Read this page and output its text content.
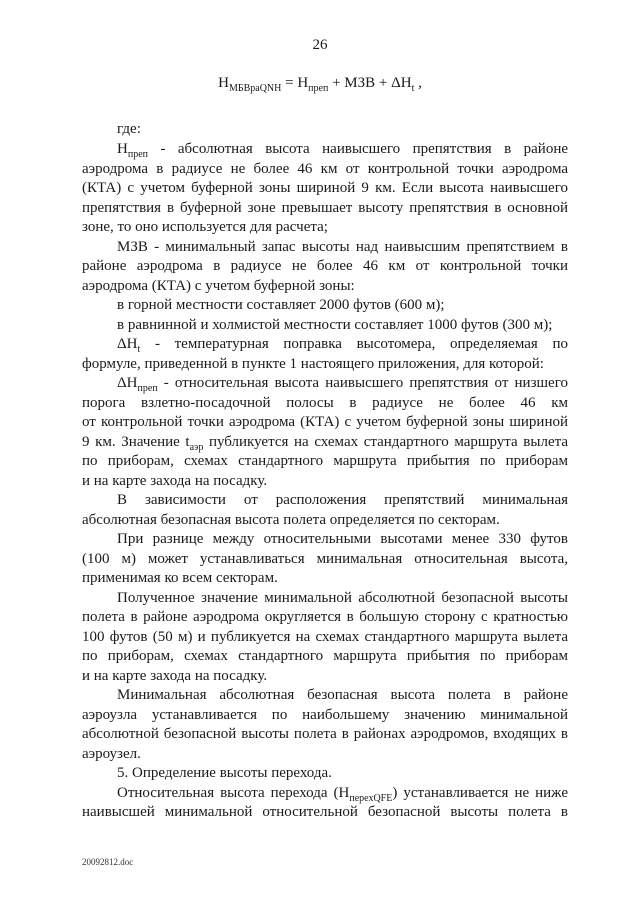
26
$H_{МБВраQNH} = H_{преп}$ + МЗВ + $\Delta H_t$ ,
где:
$H_{преп}$ - абсолютная высота наивысшего препятствия в районе
аэродрома в радиусе не более 46 км от контрольной точки аэродрома
(КТА) с учетом буферной зоны шириной 9 км. Если высота наивысшего
препятствия в буферной зоне превышает высоту препятствия в основной
зоне, то оно используется для расчета;
МЗВ - минимальный запас высоты над наивысшим препятствием в
районе аэродрома в радиусе не более 46 км от контрольной точки
аэродрома (КТА) с учетом буферной зоны:
в горной местности составляет 2000 футов (600 м);
в равнинной и холмистой местности составляет 1000 футов (300 м);
$\Delta H_t$ - температурная поправка высотомера, определяемая по
формуле, приведенной в пункте 1 настоящего приложения, для которой:
$\Delta H_{преп}$ - относительная высота наивысшего препятствия от низшего
порога взлетно-посадочной полосы в радиусе не более 46 км
от контрольной точки аэродрома (КТА) с учетом буферной зоны шириной
9 км. Значение $t_{аэр}$ публикуется на схемах стандартного маршрута вылета
по приборам, схемах стандартного маршрута прибытия по приборам
и на карте захода на посадку.
В зависимости от расположения препятствий минимальная
абсолютная безопасная высота полета определяется по секторам.
При разнице между относительными высотами менее 330 футов
(100 м) может устанавливаться минимальная относительная высота,
применимая ко всем секторам.
Полученное значение минимальной абсолютной безопасной высоты
полета в районе аэродрома округляется в большую сторону с кратностью
100 футов (50 м) и публикуется на схемах стандартного маршрута вылета
по приборам, схемах стандартного маршрута прибытия по приборам
и на карте захода на посадку.
Минимальная абсолютная безопасная высота полета в районе
аэроузла устанавливается по наибольшему значению минимальной
абсолютной безопасной высоты полета в районах аэродромов, входящих в
аэроузел.
5. Определение высоты перехода.
Относительная высота перехода $(H_{перехQFE})$ устанавливается не ниже
наивысшей минимальной относительной безопасной высоты полета в
20092812.doc
